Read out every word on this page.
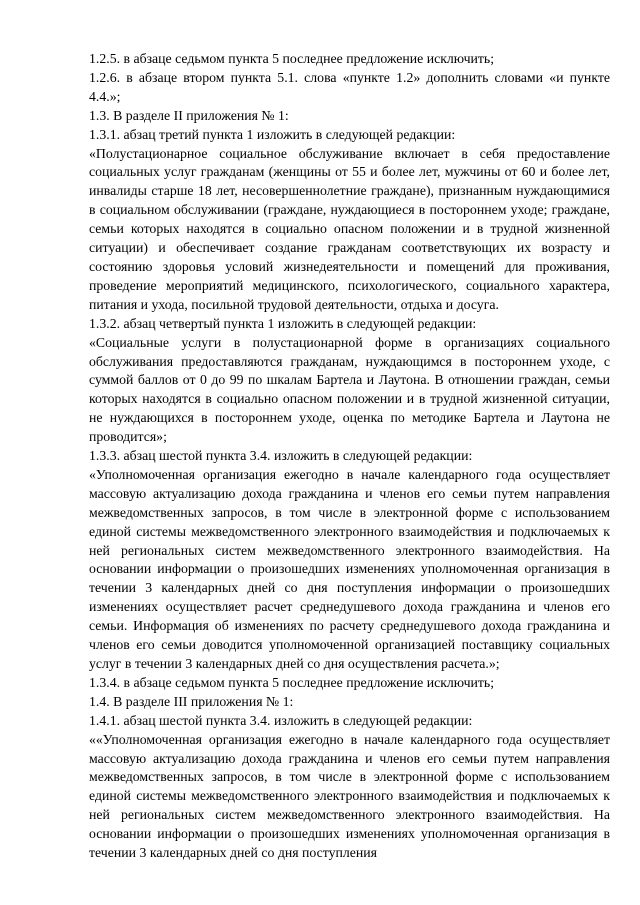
1.2.5. в абзаце седьмом пункта 5 последнее предложение исключить;

1.2.6. в абзаце втором пункта 5.1. слова «пункте 1.2» дополнить словами «и пункте 4.4.»;

1.3. В разделе II приложения № 1:

1.3.1. абзац третий пункта 1 изложить в следующей редакции:

«Полустационарное социальное обслуживание включает в себя предоставление социальных услуг гражданам (женщины от 55 и более лет, мужчины от 60 и более лет, инвалиды старше 18 лет, несовершеннолетние граждане), признанным нуждающимися в социальном обслуживании (граждане, нуждающиеся в постороннем уходе; граждане, семьи которых находятся в социально опасном положении и в трудной жизненной ситуации) и обеспечивает создание гражданам соответствующих их возрасту и состоянию здоровья условий жизнедеятельности и помещений для проживания, проведение мероприятий медицинского, психологического, социального характера, питания и ухода, посильной трудовой деятельности, отдыха и досуга.

1.3.2. абзац четвертый пункта 1 изложить в следующей редакции:

«Социальные услуги в полустационарной форме в организациях социального обслуживания предоставляются гражданам, нуждающимся в постороннем уходе, с суммой баллов от 0 до 99 по шкалам Бартела и Лаутона. В отношении граждан, семьи которых находятся в социально опасном положении и в трудной жизненной ситуации, не нуждающихся в постороннем уходе, оценка по методике Бартела и Лаутона не проводится»;

1.3.3. абзац шестой пункта 3.4. изложить в следующей редакции:

«Уполномоченная организация ежегодно в начале календарного года осуществляет массовую актуализацию дохода гражданина и членов его семьи путем направления межведомственных запросов, в том числе в электронной форме с использованием единой системы межведомственного электронного взаимодействия и подключаемых к ней региональных систем межведомственного электронного взаимодействия. На основании информации о произошедших изменениях уполномоченная организация в течении 3 календарных дней со дня поступления информации о произошедших изменениях осуществляет расчет среднедушевого дохода гражданина и членов его семьи. Информация об изменениях по расчету среднедушевого дохода гражданина и членов его семьи доводится уполномоченной организацией поставщику социальных услуг в течении 3 календарных дней со дня осуществления расчета.»;

1.3.4. в абзаце седьмом пункта 5 последнее предложение исключить;

1.4. В разделе III приложения № 1:

1.4.1. абзац шестой пункта 3.4. изложить в следующей редакции:

««Уполномоченная организация ежегодно в начале календарного года осуществляет массовую актуализацию дохода гражданина и членов его семьи путем направления межведомственных запросов, в том числе в электронной форме с использованием единой системы межведомственного электронного взаимодействия и подключаемых к ней региональных систем межведомственного электронного взаимодействия. На основании информации о произошедших изменениях уполномоченная организация в течении 3 календарных дней со дня поступления
